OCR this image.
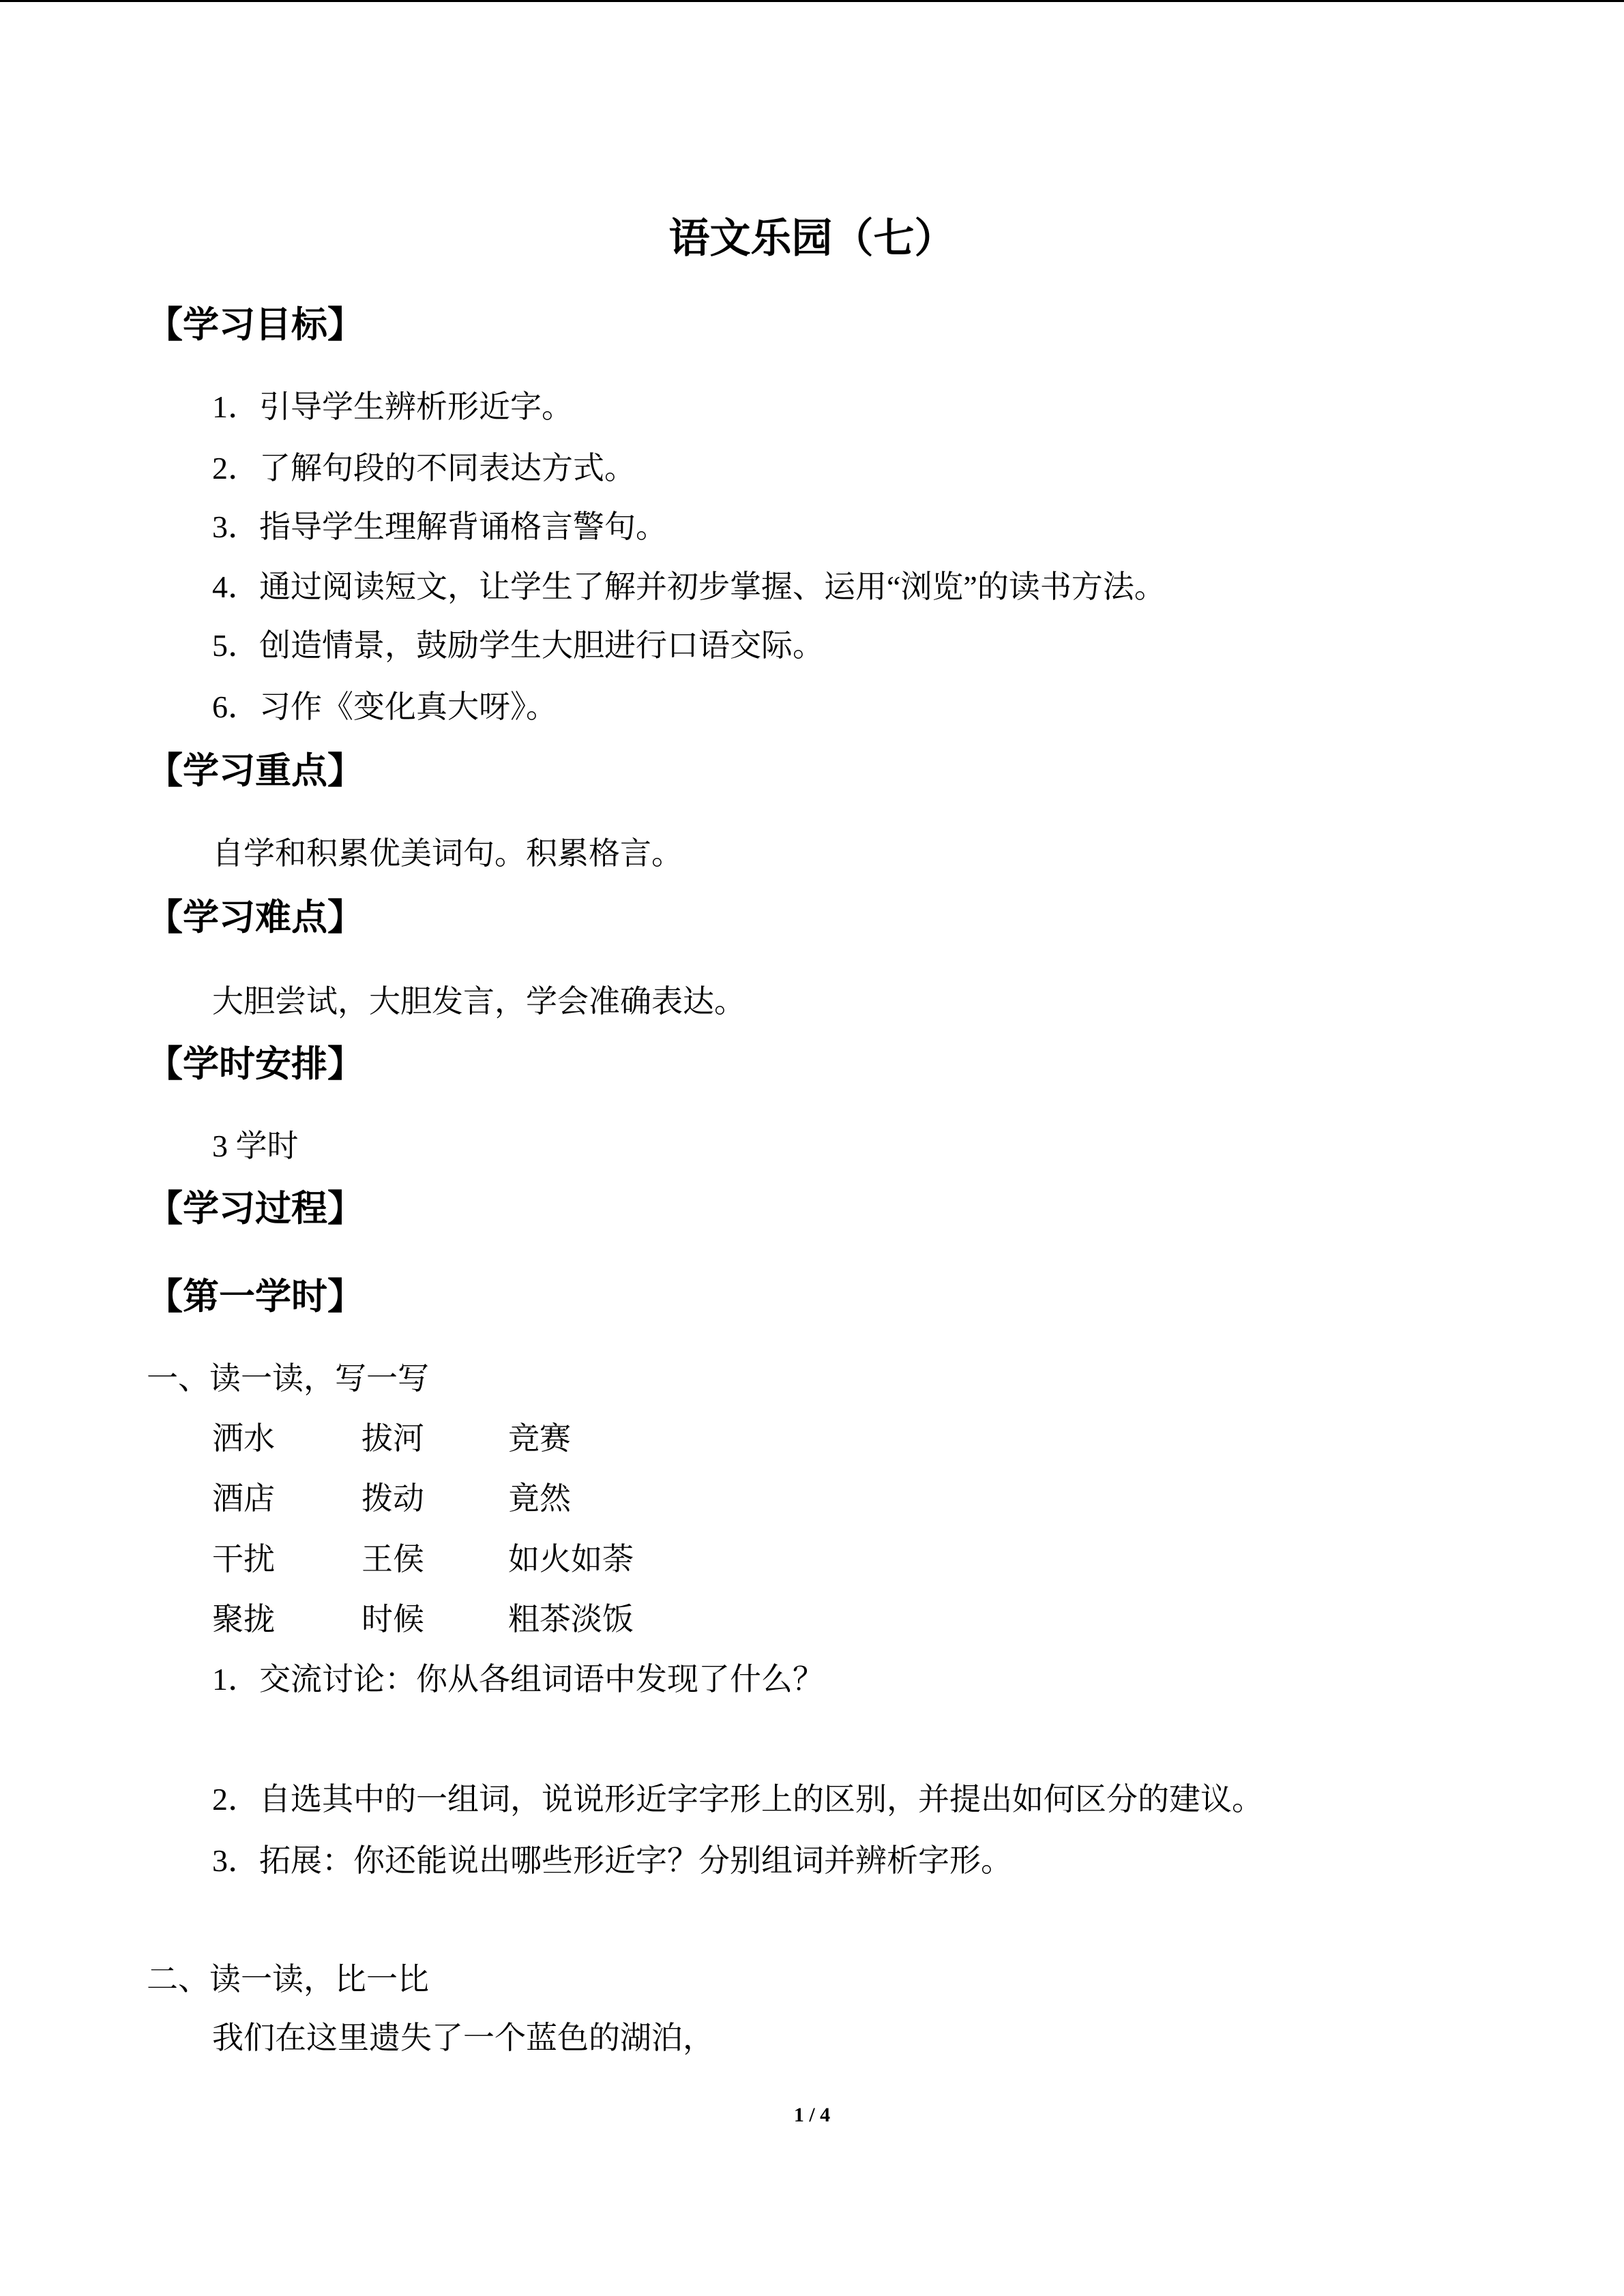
语文乐园（七）
【学习目标】
1．引导学生辨析形近字。
2．了解句段的不同表达方式。
3．指导学生理解背诵格言警句。
4．通过阅读短文，让学生了解并初步掌握、运用“浏览”的读书方法。
5．创造情景，鼓励学生大胆进行口语交际。
6．习作《变化真大呀》。
【学习重点】
自学和积累优美词句。积累格言。
【学习难点】
大胆尝试，大胆发言，学会准确表达。
【学时安排】
3 学时
【学习过程】
【第一学时】
一、读一读，写一写
洒水	拔河	竞赛
酒店	拨动	竟然
干扰	王侯	如火如荼
聚拢	时候	粗茶淡饭
1．交流讨论：你从各组词语中发现了什么？
2．自选其中的一组词，说说形近字字形上的区别，并提出如何区分的建议。
3．拓展：你还能说出哪些形近字？分别组词并辨析字形。
二、读一读，比一比
我们在这里遗失了一个蓝色的湖泊，
1 / 4
